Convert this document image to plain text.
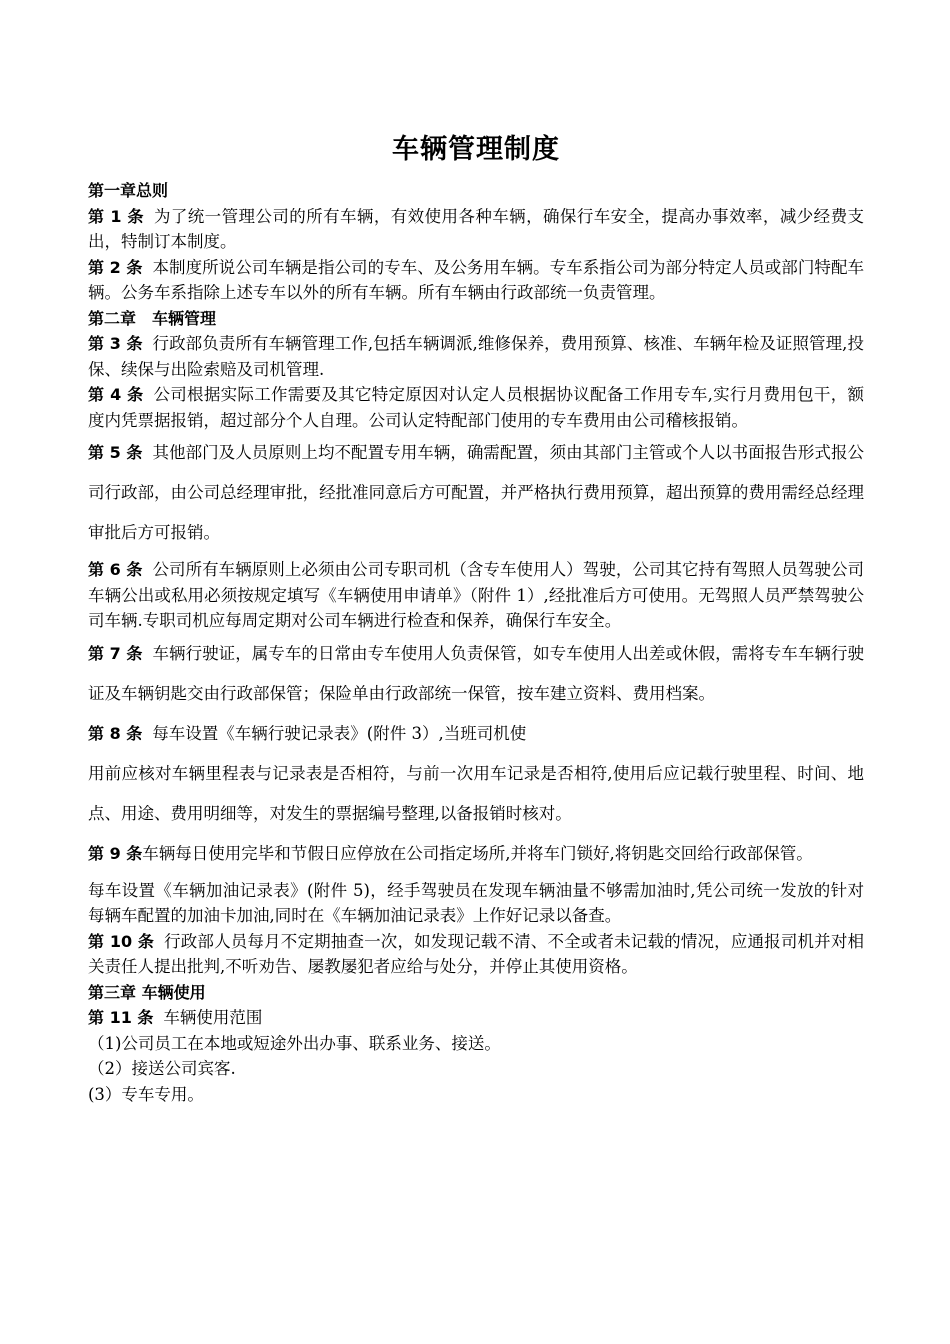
车辆管理制度
第一章总则

第 1 条 为了统一管理公司的所有车辆，有效使用各种车辆，确保行车安全，提高办事效率，减少经费支出，特制订本制度。

第 2 条 本制度所说公司车辆是指公司的专车、及公务用车辆。专车系指公司为部分特定人员或部门特配车辆。公务车系指除上述专车以外的所有车辆。所有车辆由行政部统一负责管理。

第二章　车辆管理

第 3 条 行政部负责所有车辆管理工作,包括车辆调派,维修保养，费用预算、核准、车辆年检及证照管理,投保、续保与出险索赔及司机管理.

第 4 条 公司根据实际工作需要及其它特定原因对认定人员根据协议配备工作用专车,实行月费用包干，额度内凭票据报销，超过部分个人自理。公司认定特配部门使用的专车费用由公司稽核报销。

第 5 条 其他部门及人员原则上均不配置专用车辆，确需配置，须由其部门主管或个人以书面报告形式报公司行政部，由公司总经理审批，经批准同意后方可配置，并严格执行费用预算，超出预算的费用需经总经理审批后方可报销。

第 6 条 公司所有车辆原则上必须由公司专职司机（含专车使用人）驾驶，公司其它持有驾照人员驾驶公司车辆公出或私用必须按规定填写《车辆使用申请单》（附件 1）,经批准后方可使用。无驾照人员严禁驾驶公司车辆.专职司机应每周定期对公司车辆进行检查和保养，确保行车安全。

第 7 条 车辆行驶证，属专车的日常由专车使用人负责保管，如专车使用人出差或休假，需将专车车辆行驶证及车辆钥匙交由行政部保管；保险单由行政部统一保管，按车建立资料、费用档案。

第 8 条 每车设置《车辆行驶记录表》(附件 3）,当班司机使

用前应核对车辆里程表与记录表是否相符，与前一次用车记录是否相符,使用后应记载行驶里程、时间、地点、用途、费用明细等，对发生的票据编号整理,以备报销时核对。

第 9 条车辆每日使用完毕和节假日应停放在公司指定场所,并将车门锁好,将钥匙交回给行政部保管。

每车设置《车辆加油记录表》(附件 5)，经手驾驶员在发现车辆油量不够需加油时,凭公司统一发放的针对每辆车配置的加油卡加油,同时在《车辆加油记录表》上作好记录以备查。

第 10 条 行政部人员每月不定期抽查一次，如发现记载不清、不全或者未记载的情况，应通报司机并对相关责任人提出批判,不听劝告、屡教屡犯者应给与处分，并停止其使用资格。

第三章 车辆使用

第 11 条 车辆使用范围

（1)公司员工在本地或短途外出办事、联系业务、接送。

（2）接送公司宾客.

(3）专车专用。
